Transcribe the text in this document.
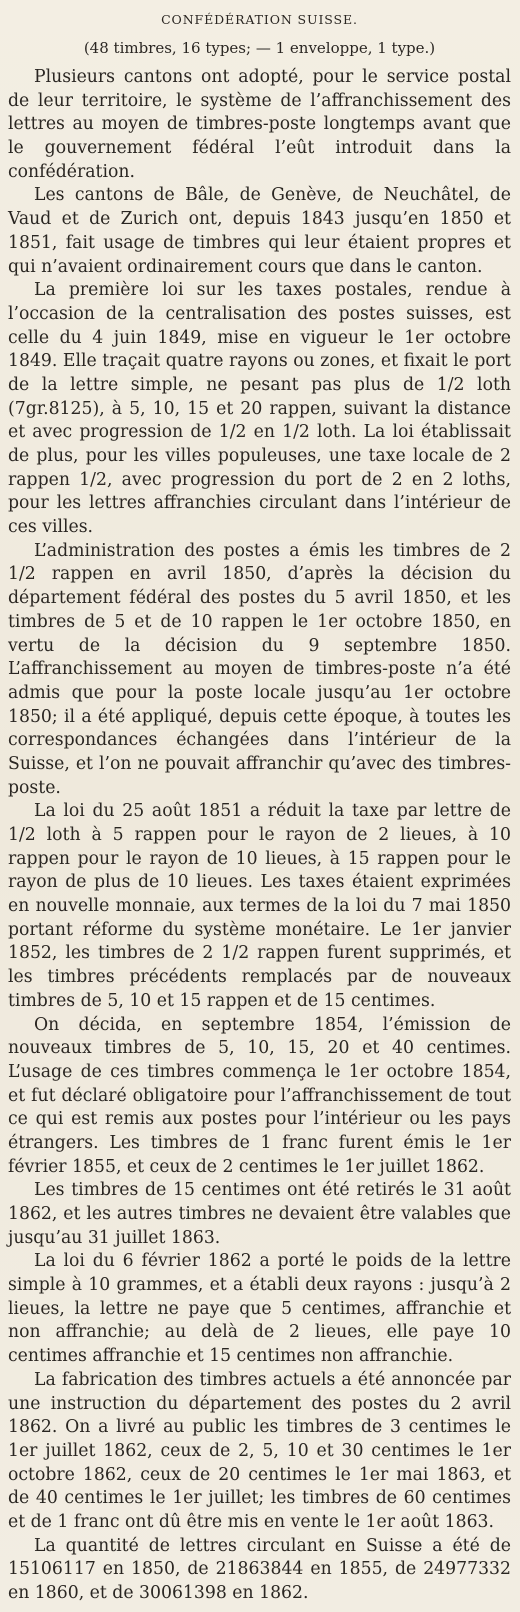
CONFÉDÉRATION SUISSE.
(48 timbres, 16 types; — 1 enveloppe, 1 type.)

Plusieurs cantons ont adopté, pour le service postal de leur territoire, le système de l’affranchissement des lettres au moyen de timbres-poste longtemps avant que le gouvernement fédéral l’eût introduit dans la confédération.

Les cantons de Bâle, de Genève, de Neuchâtel, de Vaud et de Zurich ont, depuis 1843 jusqu’en 1850 et 1851, fait usage de timbres qui leur étaient propres et qui n’avaient ordinairement cours que dans le canton.

La première loi sur les taxes postales, rendue à l’occasion de la centralisation des postes suisses, est celle du 4 juin 1849, mise en vigueur le 1er octobre 1849. Elle traçait quatre rayons ou zones, et fixait le port de la lettre simple, ne pesant pas plus de 1/2 loth (7gr.8125), à 5, 10, 15 et 20 rappen, suivant la distance et avec progression de 1/2 en 1/2 loth. La loi établissait de plus, pour les villes populeuses, une taxe locale de 2 rappen 1/2, avec progression du port de 2 en 2 loths, pour les lettres affranchies circulant dans l’intérieur de ces villes.

L’administration des postes a émis les timbres de 2 1/2 rappen en avril 1850, d’après la décision du département fédéral des postes du 5 avril 1850, et les timbres de 5 et de 10 rappen le 1er octobre 1850, en vertu de la décision du 9 septembre 1850. L’affranchissement au moyen de timbres-poste n’a été admis que pour la poste locale jusqu’au 1er octobre 1850; il a été appliqué, depuis cette époque, à toutes les correspondances échangées dans l’intérieur de la Suisse, et l’on ne pouvait affranchir qu’avec des timbres-poste.

La loi du 25 août 1851 a réduit la taxe par lettre de 1/2 loth à 5 rappen pour le rayon de 2 lieues, à 10 rappen pour le rayon de 10 lieues, à 15 rappen pour le rayon de plus de 10 lieues. Les taxes étaient exprimées en nouvelle monnaie, aux termes de la loi du 7 mai 1850 portant réforme du système monétaire. Le 1er janvier 1852, les timbres de 2 1/2 rappen furent supprimés, et les timbres précédents remplacés par de nouveaux timbres de 5, 10 et 15 rappen et de 15 centimes.

On décida, en septembre 1854, l’émission de nouveaux timbres de 5, 10, 15, 20 et 40 centimes. L’usage de ces timbres commença le 1er octobre 1854, et fut déclaré obligatoire pour l’affranchissement de tout ce qui est remis aux postes pour l’intérieur ou les pays étrangers. Les timbres de 1 franc furent émis le 1er février 1855, et ceux de 2 centimes le 1er juillet 1862.

Les timbres de 15 centimes ont été retirés le 31 août 1862, et les autres timbres ne devaient être valables que jusqu’au 31 juillet 1863.

La loi du 6 février 1862 a porté le poids de la lettre simple à 10 grammes, et a établi deux rayons : jusqu’à 2 lieues, la lettre ne paye que 5 centimes, affranchie et non affranchie; au delà de 2 lieues, elle paye 10 centimes affranchie et 15 centimes non affranchie.

La fabrication des timbres actuels a été annoncée par une instruction du département des postes du 2 avril 1862. On a livré au public les timbres de 3 centimes le 1er juillet 1862, ceux de 2, 5, 10 et 30 centimes le 1er octobre 1862, ceux de 20 centimes le 1er mai 1863, et de 40 centimes le 1er juillet; les timbres de 60 centimes et de 1 franc ont dû être mis en vente le 1er août 1863.

La quantité de lettres circulant en Suisse a été de 15106117 en 1850, de 21863844 en 1855, de 24977332 en 1860, et de 30061398 en 1862.
